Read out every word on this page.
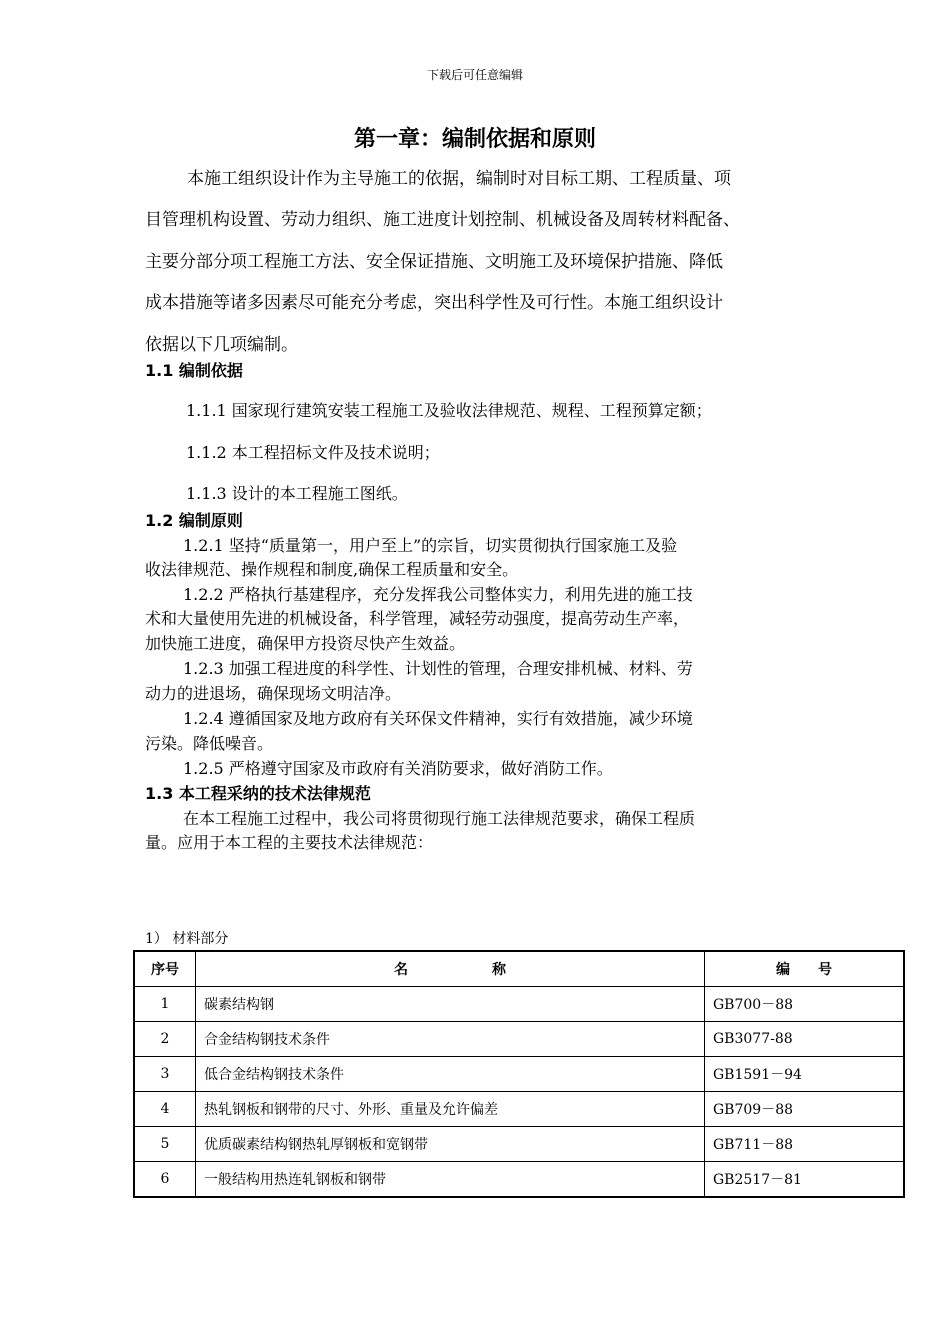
下载后可任意编辑
第一章：编制依据和原则
本施工组织设计作为主导施工的依据，编制时对目标工期、工程质量、项
目管理机构设置、劳动力组织、施工进度计划控制、机械设备及周转材料配备、
主要分部分项工程施工方法、安全保证措施、文明施工及环境保护措施、降低
成本措施等诸多因素尽可能充分考虑，突出科学性及可行性。本施工组织设计
依据以下几项编制。
1.1 编制依据
1.1.1 国家现行建筑安装工程施工及验收法律规范、规程、工程预算定额；
1.1.2 本工程招标文件及技术说明；
1.1.3 设计的本工程施工图纸。
1.2 编制原则
1.2.1 坚持“质量第一，用户至上”的宗旨，切实贯彻执行国家施工及验
收法律规范、操作规程和制度,确保工程质量和安全。
1.2.2 严格执行基建程序，充分发挥我公司整体实力，利用先进的施工技
术和大量使用先进的机械设备，科学管理，减轻劳动强度，提高劳动生产率，
加快施工进度，确保甲方投资尽快产生效益。
1.2.3 加强工程进度的科学性、计划性的管理，合理安排机械、材料、劳
动力的进退场，确保现场文明洁净。
1.2.4 遵循国家及地方政府有关环保文件精神，实行有效措施，减少环境
污染。降低噪音。
1.2.5 严格遵守国家及市政府有关消防要求，做好消防工作。
1.3 本工程采纳的技术法律规范
在本工程施工过程中，我公司将贯彻现行施工法律规范要求，确保工程质
量。应用于本工程的主要技术法律规范：
1） 材料部分
序号	名　　　　　　称	编　　号
1	碳素结构钢	GB700－88
2	合金结构钢技术条件	GB3077-88
3	低合金结构钢技术条件	GB1591－94
4	热轧钢板和钢带的尺寸、外形、重量及允许偏差	GB709－88
5	优质碳素结构钢热轧厚钢板和宽钢带	GB711－88
6	一般结构用热连轧钢板和钢带	GB2517－81
